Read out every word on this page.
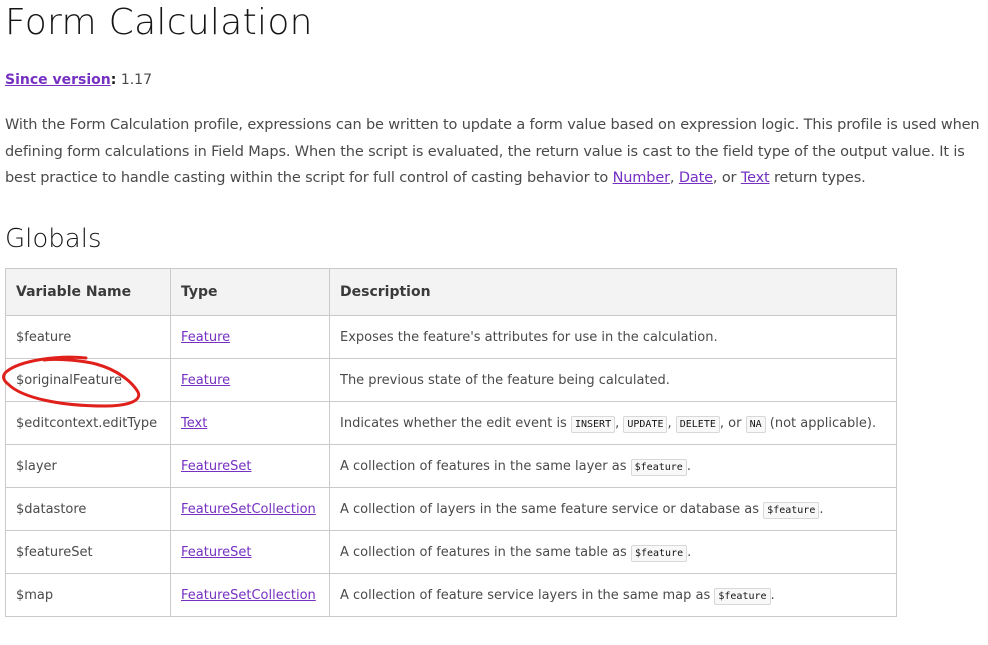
Form Calculation
Since version: 1.17

With the Form Calculation profile, expressions can be written to update a form value based on expression logic. This profile is used when defining form calculations in Field Maps. When the script is evaluated, the return value is cast to the field type of the output value. It is best practice to handle casting within the script for full control of casting behavior to Number, Date, or Text return types.

Globals
Variable Name	Type	Description
$feature	Feature	Exposes the feature's attributes for use in the calculation.
$originalFeature	Feature	The previous state of the feature being calculated.
$editcontext.editType	Text	Indicates whether the edit event is INSERT , UPDATE , DELETE , or NA (not applicable).
$layer	FeatureSet	A collection of features in the same layer as $feature .
$datastore	FeatureSetCollection	A collection of layers in the same feature service or database as $feature .
$featureSet	FeatureSet	A collection of features in the same table as $feature .
$map	FeatureSetCollection	A collection of feature service layers in the same map as $feature .
